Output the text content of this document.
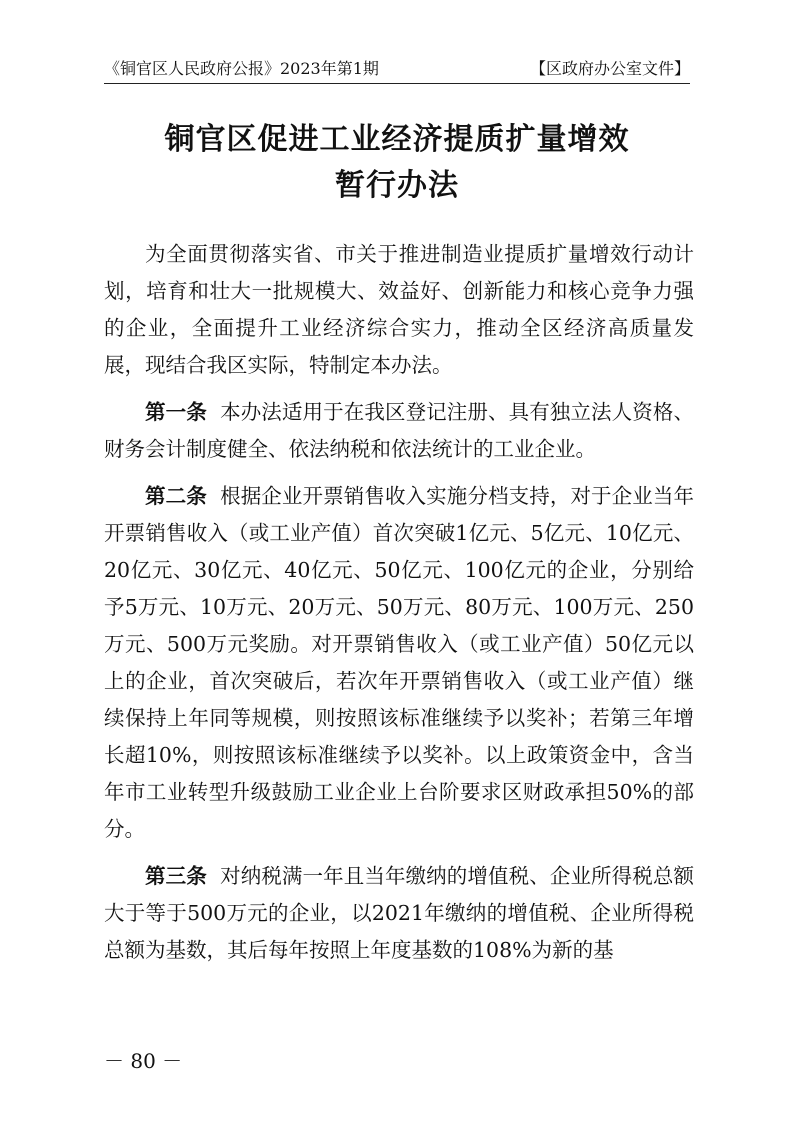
《铜官区人民政府公报》2023年第1期	【区政府办公室文件】
铜官区促进工业经济提质扩量增效
暂行办法

为全面贯彻落实省、市关于推进制造业提质扩量增效行动计划，培育和壮大一批规模大、效益好、创新能力和核心竞争力强的企业，全面提升工业经济综合实力，推动全区经济高质量发展，现结合我区实际，特制定本办法。

第一条 本办法适用于在我区登记注册、具有独立法人资格、财务会计制度健全、依法纳税和依法统计的工业企业。

第二条 根据企业开票销售收入实施分档支持，对于企业当年开票销售收入（或工业产值）首次突破1亿元、5亿元、10亿元、20亿元、30亿元、40亿元、50亿元、100亿元的企业，分别给予5万元、10万元、20万元、50万元、80万元、100万元、250万元、500万元奖励。对开票销售收入（或工业产值）50亿元以上的企业，首次突破后，若次年开票销售收入（或工业产值）继续保持上年同等规模，则按照该标准继续予以奖补；若第三年增长超10%，则按照该标准继续予以奖补。以上政策资金中，含当年市工业转型升级鼓励工业企业上台阶要求区财政承担50%的部分。

第三条 对纳税满一年且当年缴纳的增值税、企业所得税总额大于等于500万元的企业，以2021年缴纳的增值税、企业所得税总额为基数，其后每年按照上年度基数的108%为新的基

－ 80 －
